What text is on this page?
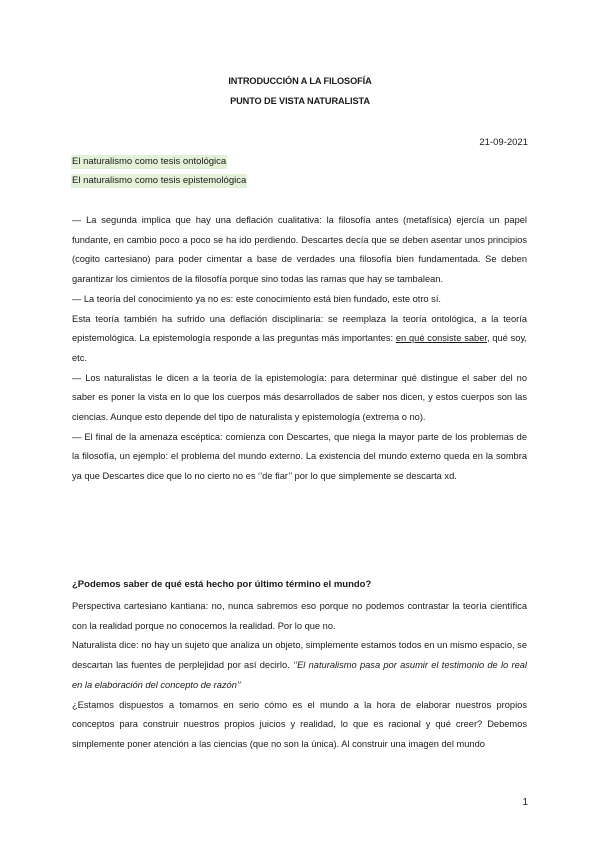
INTRODUCCIÓN A LA FILOSOFÍA
PUNTO DE VISTA NATURALISTA
21-09-2021
El naturalismo como tesis ontológica
El naturalismo como tesis epistemológica

— La segunda implica que hay una deflación cualitativa: la filosofía antes (metafísica) ejercía un papel fundante, en cambio poco a poco se ha ido perdiendo. Descartes decía que se deben asentar unos principios (cogito cartesiano) para poder cimentar a base de verdades una filosofía bien fundamentada. Se deben garantizar los cimientos de la filosofía porque sino todas las ramas que hay se tambalean.

— La teoría del conocimiento ya no es: este conocimiento está bien fundado, este otro sí.

Esta teoría también ha sufrido una deflación disciplinaria: se reemplaza la teoría ontológica, a la teoría epistemológica. La epistemología responde a las preguntas más importantes: en qué consiste saber, qué soy, etc.

— Los naturalistas le dicen a la teoría de la epistemología: para determinar qué distingue el saber del no saber es poner la vista en lo que los cuerpos más desarrollados de saber nos dicen, y estos cuerpos son las ciencias. Aunque esto depende del tipo de naturalista y epistemología (extrema o no).

— El final de la amenaza escéptica: comienza con Descartes, que niega la mayor parte de los problemas de la filosofía, un ejemplo: el problema del mundo externo. La existencia del mundo externo queda en la sombra ya que Descartes dice que lo no cierto no es ‘’de fiar’’ por lo que simplemente se descarta xd.

¿Podemos saber de qué está hecho por último término el mundo?

Perspectiva cartesiano kantiana: no, nunca sabremos eso porque no podemos contrastar la teoría científica con la realidad porque no conocemos la realidad. Por lo que no.

Naturalista dice: no hay un sujeto que analiza un objeto, simplemente estamos todos en un mismo espacio, se descartan las fuentes de perplejidad por así decirlo. ‘’El naturalismo pasa por asumir el testimonio de lo real en la elaboración del concepto de razón’’

¿Estamos dispuestos a tomarnos en serio cómo es el mundo a la hora de elaborar nuestros propios conceptos para construir nuestros propios juicios y realidad, lo que es racional y qué creer? Debemos simplemente poner atención a las ciencias (que no son la única). Al construir una imagen del mundo

1
